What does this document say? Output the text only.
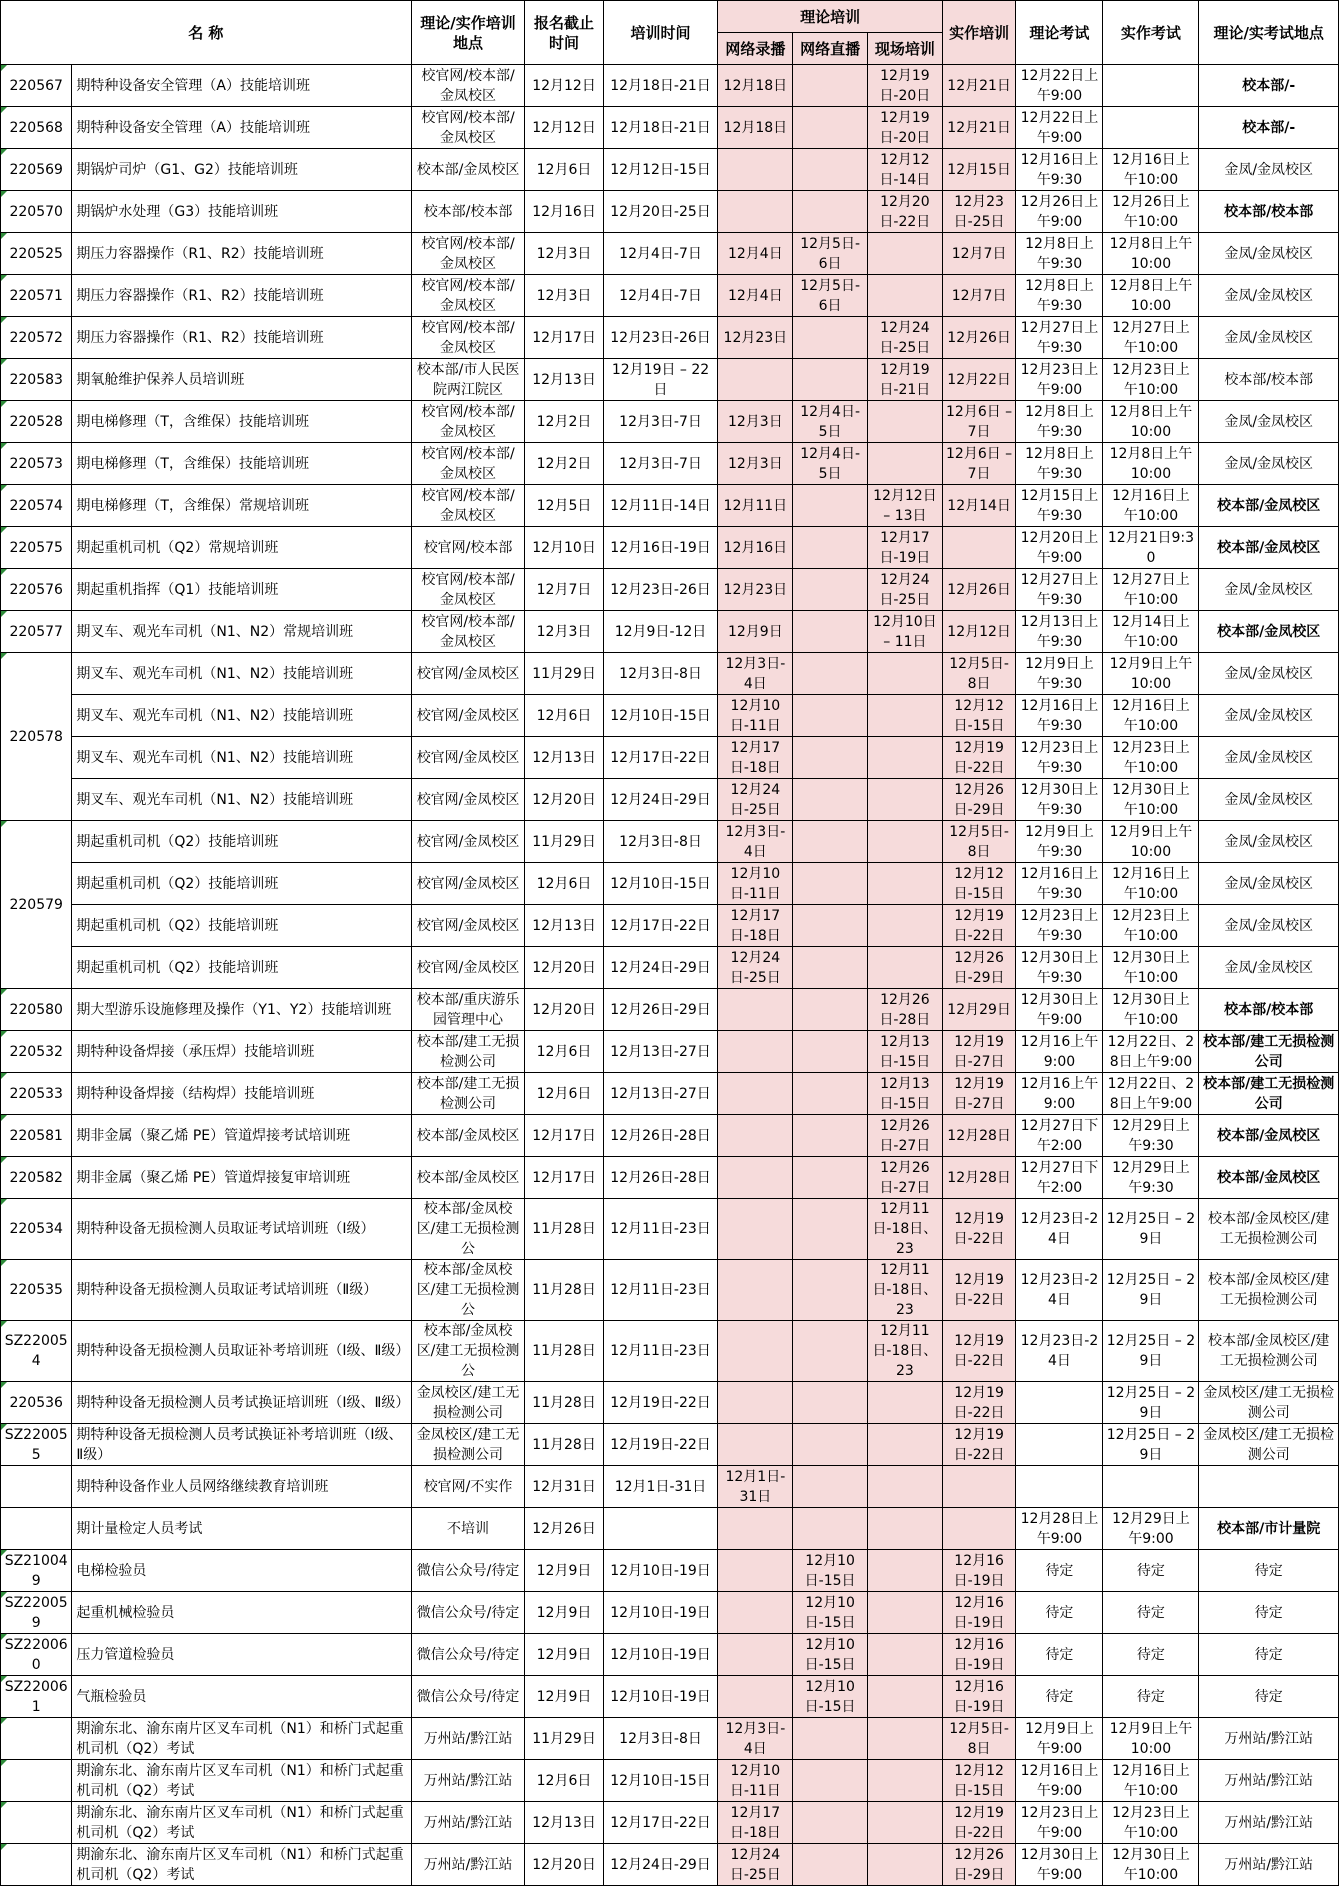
名 称		理论/实作培训地点	报名截止时间	培训时间	理论培训			实作培训	理论考试	实作考试	理论/实考试地点
					网络录播	网络直播	现场培训				
220567	期特种设备安全管理（A）技能培训班	校官网/校本部/金凤校区	12月12日	12月18日-21日	12月18日		12月19日-20日	12月21日	12月22日上午9:00		校本部/-
220568	期特种设备安全管理（A）技能培训班	校官网/校本部/金凤校区	12月12日	12月18日-21日	12月18日		12月19日-20日	12月21日	12月22日上午9:00		校本部/-
220569	期锅炉司炉（G1、G2）技能培训班	校本部/金凤校区	12月6日	12月12日-15日			12月12日-14日	12月15日	12月16日上午9:30	12月16日上午10:00	金凤/金凤校区
220570	期锅炉水处理（G3）技能培训班	校本部/校本部	12月16日	12月20日-25日			12月20日-22日	12月23日-25日	12月26日上午9:00	12月26日上午10:00	校本部/校本部
220525	期压力容器操作（R1、R2）技能培训班	校官网/校本部/金凤校区	12月3日	12月4日-7日	12月4日	12月5日-6日		12月7日	12月8日上午9:30	12月8日上午10:00	金凤/金凤校区
220571	期压力容器操作（R1、R2）技能培训班	校官网/校本部/金凤校区	12月3日	12月4日-7日	12月4日	12月5日-6日		12月7日	12月8日上午9:30	12月8日上午10:00	金凤/金凤校区
220572	期压力容器操作（R1、R2）技能培训班	校官网/校本部/金凤校区	12月17日	12月23日-26日	12月23日		12月24日-25日	12月26日	12月27日上午9:30	12月27日上午10:00	金凤/金凤校区
220583	期氧舱维护保养人员培训班	校本部/市人民医院两江院区	12月13日	12月19日 – 22日			12月19日-21日	12月22日	12月23日上午9:00	12月23日上午10:00	校本部/校本部
220528	期电梯修理（T，含维保）技能培训班	校官网/校本部/金凤校区	12月2日	12月3日-7日	12月3日	12月4日-5日		12月6日 – 7日	12月8日上午9:30	12月8日上午10:00	金凤/金凤校区
220573	期电梯修理（T，含维保）技能培训班	校官网/校本部/金凤校区	12月2日	12月3日-7日	12月3日	12月4日-5日		12月6日 – 7日	12月8日上午9:30	12月8日上午10:00	金凤/金凤校区
220574	期电梯修理（T，含维保）常规培训班	校官网/校本部/金凤校区	12月5日	12月11日-14日	12月11日		12月12日 – 13日	12月14日	12月15日上午9:30	12月16日上午10:00	校本部/金凤校区
220575	期起重机司机（Q2）常规培训班	校官网/校本部	12月10日	12月16日-19日	12月16日		12月17日-19日		12月20日上午9:00	12月21日9:30	校本部/金凤校区
220576	期起重机指挥（Q1）技能培训班	校官网/校本部/金凤校区	12月7日	12月23日-26日	12月23日		12月24日-25日	12月26日	12月27日上午9:30	12月27日上午10:00	金凤/金凤校区
220577	期叉车、观光车司机（N1、N2）常规培训班	校官网/校本部/金凤校区	12月3日	12月9日-12日	12月9日		12月10日 – 11日	12月12日	12月13日上午9:30	12月14日上午10:00	校本部/金凤校区
220578	期叉车、观光车司机（N1、N2）技能培训班	校官网/金凤校区	11月29日	12月3日-8日	12月3日-4日			12月5日-8日	12月9日上午9:30	12月9日上午10:00	金凤/金凤校区
	期叉车、观光车司机（N1、N2）技能培训班	校官网/金凤校区	12月6日	12月10日-15日	12月10日-11日			12月12日-15日	12月16日上午9:30	12月16日上午10:00	金凤/金凤校区
	期叉车、观光车司机（N1、N2）技能培训班	校官网/金凤校区	12月13日	12月17日-22日	12月17日-18日			12月19日-22日	12月23日上午9:30	12月23日上午10:00	金凤/金凤校区
	期叉车、观光车司机（N1、N2）技能培训班	校官网/金凤校区	12月20日	12月24日-29日	12月24日-25日			12月26日-29日	12月30日上午9:30	12月30日上午10:00	金凤/金凤校区
220579	期起重机司机（Q2）技能培训班	校官网/金凤校区	11月29日	12月3日-8日	12月3日-4日			12月5日-8日	12月9日上午9:30	12月9日上午10:00	金凤/金凤校区
	期起重机司机（Q2）技能培训班	校官网/金凤校区	12月6日	12月10日-15日	12月10日-11日			12月12日-15日	12月16日上午9:30	12月16日上午10:00	金凤/金凤校区
	期起重机司机（Q2）技能培训班	校官网/金凤校区	12月13日	12月17日-22日	12月17日-18日			12月19日-22日	12月23日上午9:30	12月23日上午10:00	金凤/金凤校区
	期起重机司机（Q2）技能培训班	校官网/金凤校区	12月20日	12月24日-29日	12月24日-25日			12月26日-29日	12月30日上午9:30	12月30日上午10:00	金凤/金凤校区
220580	期大型游乐设施修理及操作（Y1、Y2）技能培训班	校本部/重庆游乐园管理中心	12月20日	12月26日-29日			12月26日-28日	12月29日	12月30日上午9:00	12月30日上午10:00	校本部/校本部
220532	期特种设备焊接（承压焊）技能培训班	校本部/建工无损检测公司	12月6日	12月13日-27日			12月13日-15日	12月19日-27日	12月16上午9:00	12月22日、28日上午9:00	校本部/建工无损检测公司
220533	期特种设备焊接（结构焊）技能培训班	校本部/建工无损检测公司	12月6日	12月13日-27日			12月13日-15日	12月19日-27日	12月16上午9:00	12月22日、28日上午9:00	校本部/建工无损检测公司
220581	期非金属（聚乙烯 PE）管道焊接考试培训班	校本部/金凤校区	12月17日	12月26日-28日			12月26日-27日	12月28日	12月27日下午2:00	12月29日上午9:30	校本部/金凤校区
220582	期非金属（聚乙烯 PE）管道焊接复审培训班	校本部/金凤校区	12月17日	12月26日-28日			12月26日-27日	12月28日	12月27日下午2:00	12月29日上午9:30	校本部/金凤校区
220534	期特种设备无损检测人员取证考试培训班（Ⅰ级）	校本部/金凤校区/建工无损检测公	11月28日	12月11日-23日			12月11日-18日、23	12月19日-22日	12月23日-24日	12月25日 – 29日	校本部/金凤校区/建工无损检测公司
220535	期特种设备无损检测人员取证考试培训班（Ⅱ级）	校本部/金凤校区/建工无损检测公	11月28日	12月11日-23日			12月11日-18日、23	12月19日-22日	12月23日-24日	12月25日 – 29日	校本部/金凤校区/建工无损检测公司
SZ220054	期特种设备无损检测人员取证补考培训班（Ⅰ级、Ⅱ级）	校本部/金凤校区/建工无损检测公	11月28日	12月11日-23日			12月11日-18日、23	12月19日-22日	12月23日-24日	12月25日 – 29日	校本部/金凤校区/建工无损检测公司
220536	期特种设备无损检测人员考试换证培训班（Ⅰ级、Ⅱ级）	金凤校区/建工无损检测公司	11月28日	12月19日-22日				12月19日-22日		12月25日 – 29日	金凤校区/建工无损检测公司
SZ220055	期特种设备无损检测人员考试换证补考培训班（Ⅰ级、Ⅱ级）	金凤校区/建工无损检测公司	11月28日	12月19日-22日				12月19日-22日		12月25日 – 29日	金凤校区/建工无损检测公司
	期特种设备作业人员网络继续教育培训班	校官网/不实作	12月31日	12月1日-31日	12月1日-31日						
	期计量检定人员考试	不培训	12月26日						12月28日上午9:00	12月29日上午9:00	校本部/市计量院
SZ210049	电梯检验员	微信公众号/待定	12月9日	12月10日-19日		12月10日-15日		12月16日-19日	待定	待定	待定
SZ220059	起重机械检验员	微信公众号/待定	12月9日	12月10日-19日		12月10日-15日		12月16日-19日	待定	待定	待定
SZ220060	压力管道检验员	微信公众号/待定	12月9日	12月10日-19日		12月10日-15日		12月16日-19日	待定	待定	待定
SZ220061	气瓶检验员	微信公众号/待定	12月9日	12月10日-19日		12月10日-15日		12月16日-19日	待定	待定	待定
	期渝东北、渝东南片区叉车司机（N1）和桥门式起重机司机（Q2）考试	万州站/黔江站	11月29日	12月3日-8日	12月3日-4日			12月5日-8日	12月9日上午9:00	12月9日上午10:00	万州站/黔江站
	期渝东北、渝东南片区叉车司机（N1）和桥门式起重机司机（Q2）考试	万州站/黔江站	12月6日	12月10日-15日	12月10日-11日			12月12日-15日	12月16日上午9:00	12月16日上午10:00	万州站/黔江站
	期渝东北、渝东南片区叉车司机（N1）和桥门式起重机司机（Q2）考试	万州站/黔江站	12月13日	12月17日-22日	12月17日-18日			12月19日-22日	12月23日上午9:00	12月23日上午10:00	万州站/黔江站
	期渝东北、渝东南片区叉车司机（N1）和桥门式起重机司机（Q2）考试	万州站/黔江站	12月20日	12月24日-29日	12月24日-25日			12月26日-29日	12月30日上午9:00	12月30日上午10:00	万州站/黔江站
